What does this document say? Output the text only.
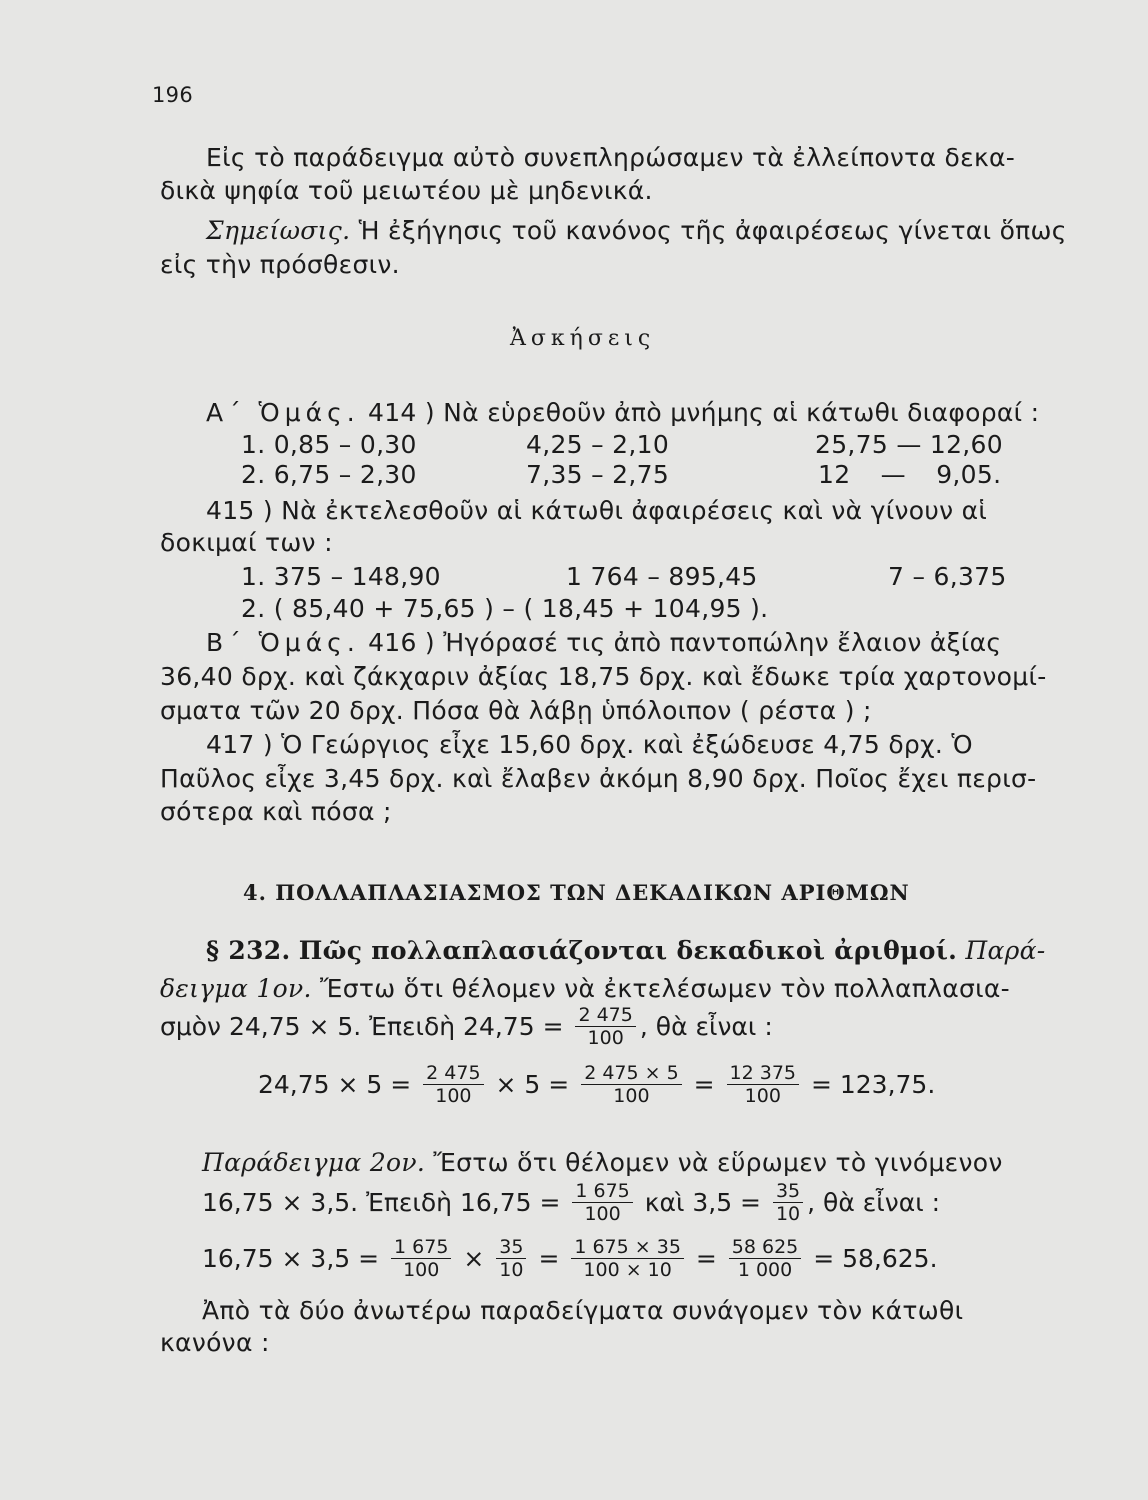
196
Εἰς τὸ παράδειγμα αὐτὸ συνεπληρώσαμεν τὰ ἐλλείποντα δεκα-
δικὰ ψηφία τοῦ μειωτέου μὲ μηδενικά.
Σημείωσις. Ἡ ἐξήγησις τοῦ κανόνος τῆς ἀφαιρέσεως γίνεται ὅπως
εἰς τὴν πρόσθεσιν.
Ἀσκήσεις
Α΄ Ὁμάς. 414 ) Νὰ εὑρεθοῦν ἀπὸ μνήμης αἱ κάτωθι διαφοραί :
1. 0,85 – 0,30	4,25 – 2,10	25,75 — 12,60
2. 6,75 – 2,30	7,35 – 2,75	12 — 9,05.
415 ) Νὰ ἐκτελεσθοῦν αἱ κάτωθι ἀφαιρέσεις καὶ νὰ γίνουν αἱ
δοκιμαί των :
1. 375 – 148,90	1 764 – 895,45	7 – 6,375
2. ( 85,40 + 75,65 ) – ( 18,45 + 104,95 ).
Β΄ Ὁμάς. 416 ) Ἠγόρασέ τις ἀπὸ παντοπώλην ἔλαιον ἀξίας
36,40 δρχ. καὶ ζάκχαριν ἀξίας 18,75 δρχ. καὶ ἔδωκε τρία χαρτονομί-
σματα τῶν 20 δρχ. Πόσα θὰ λάβῃ ὑπόλοιπον ( ρέστα ) ;
417 ) Ὁ Γεώργιος εἶχε 15,60 δρχ. καὶ ἐξώδευσε 4,75 δρχ. Ὁ
Παῦλος εἶχε 3,45 δρχ. καὶ ἔλαβεν ἀκόμη 8,90 δρχ. Ποῖος ἔχει περισ-
σότερα καὶ πόσα ;
4. ΠΟΛΛΑΠΛΑΣΙΑΣΜΟΣ ΤΩΝ ΔΕΚΑΔΙΚΩΝ ΑΡΙΘΜΩΝ
§ 232. Πῶς πολλαπλασιάζονται δεκαδικοὶ ἀριθμοί. Παρά-
δειγμα 1ον. Ἔστω ὅτι θέλομεν νὰ ἐκτελέσωμεν τὸν πολλαπλασια-
σμὸν 24,75 × 5. Ἐπειδὴ $24,75 = \frac{2 475}{100}$ , θὰ εἶναι :
$24,75 \times 5 = \frac{2 475}{100} \times 5 = \frac{2 475 \times 5}{100} = \frac{12 375}{100} = 123,75$.
Παράδειγμα 2ον. Ἔστω ὅτι θέλομεν νὰ εὕρωμεν τὸ γινόμενον
16,75 × 3,5. Ἐπειδὴ $16,75 = \frac{1 675}{100}$ καὶ $3,5 = \frac{35}{10}$ , θὰ εἶναι :
$16,75 \times 3,5 = \frac{1 675}{100} \times \frac{35}{10} = \frac{1 675 \times 35}{100 \times 10} = \frac{58 625}{1 000} = 58,625$.
Ἀπὸ τὰ δύο ἀνωτέρω παραδείγματα συνάγομεν τὸν κάτωθι
κανόνα :
